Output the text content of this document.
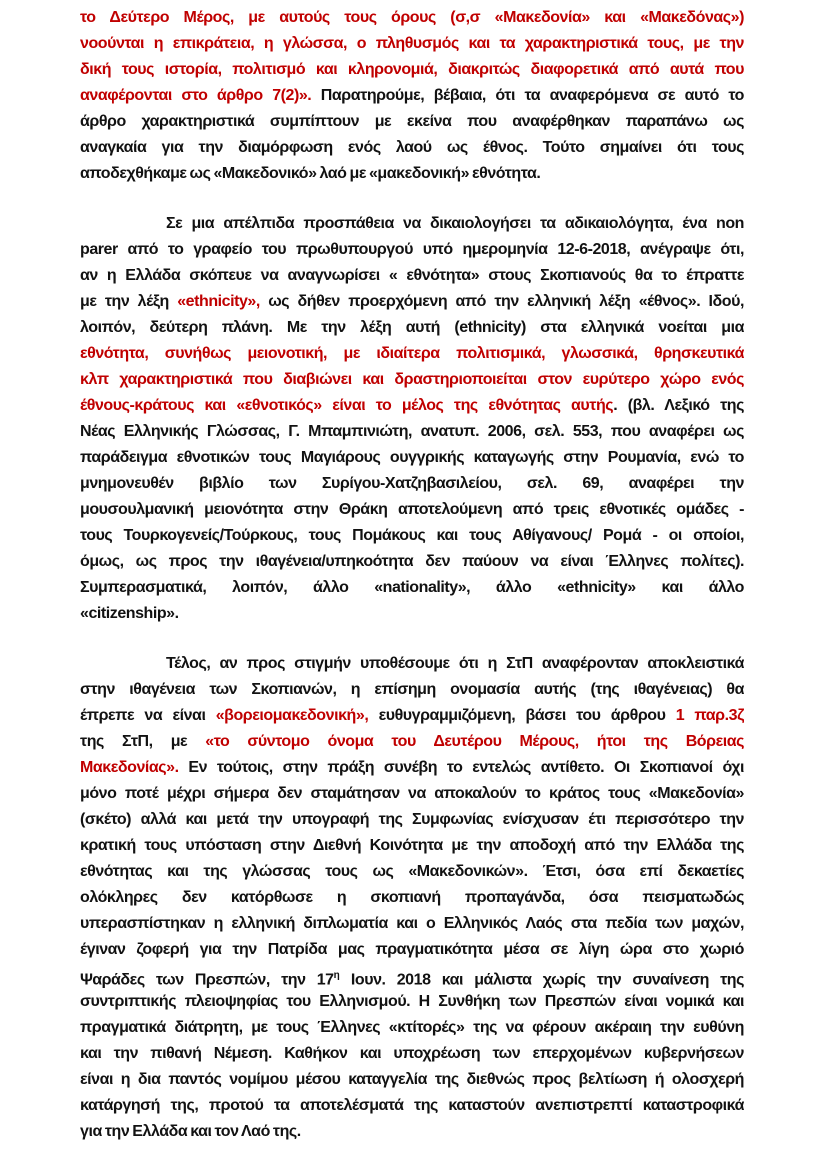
το Δεύτερο Μέρος, με αυτούς τους όρους (σ,σ «Μακεδονία» και «Μακεδόνας»)
νοούνται η επικράτεια, η γλώσσα, ο πληθυσμός και τα χαρακτηριστικά τους, με την
δική τους ιστορία, πολιτισμό και κληρονομιά, διακριτώς διαφορετικά από αυτά που
αναφέρονται στο άρθρο 7(2)». Παρατηρούμε, βέβαια, ότι τα αναφερόμενα σε αυτό το
άρθρο χαρακτηριστικά συμπίπτουν με εκείνα που αναφέρθηκαν παραπάνω ως
αναγκαία για την διαμόρφωση ενός λαού ως έθνος. Τούτο σημαίνει ότι τους
αποδεχθήκαμε ως «Μακεδονικό» λαό με «μακεδονική» εθνότητα.
Σε μια απέλπιδα προσπάθεια να δικαιολογήσει τα αδικαιολόγητα, ένα non
parer από το γραφείο του πρωθυπουργού υπό ημερομηνία 12-6-2018, ανέγραψε ότι,
αν η Ελλάδα σκόπευε να αναγνωρίσει « εθνότητα» στους Σκοπιανούς θα το έπραττε
με την λέξη «ethnicity», ως δήθεν προερχόμενη από την ελληνική λέξη «έθνος». Ιδού,
λοιπόν, δεύτερη πλάνη. Με την λέξη αυτή (ethnicity) στα ελληνικά νοείται μια
εθνότητα, συνήθως μειονοτική, με ιδιαίτερα πολιτισμικά, γλωσσικά, θρησκευτικά
κλπ χαρακτηριστικά που διαβιώνει και δραστηριοποιείται στον ευρύτερο χώρο ενός
έθνους-κράτους και «εθνοτικός» είναι το μέλος της εθνότητας αυτής. (βλ. Λεξικό της
Νέας Ελληνικής Γλώσσας, Γ. Μπαμπινιώτη, ανατυπ. 2006, σελ. 553, που αναφέρει ως
παράδειγμα εθνοτικών τους Μαγιάρους ουγγρικής καταγωγής στην Ρουμανία, ενώ το
μνημονευθέν βιβλίο των Συρίγου-Χατζηβασιλείου, σελ. 69, αναφέρει την
μουσουλμανική μειονότητα στην Θράκη αποτελούμενη από τρεις εθνοτικές ομάδες -
τους Τουρκογενείς/Τούρκους, τους Πομάκους και τους Αθίγανους/ Ρομά - οι οποίοι,
όμως, ως προς την ιθαγένεια/υπηκοότητα δεν παύουν να είναι Έλληνες πολίτες).
Συμπερασματικά, λοιπόν, άλλο «nationality», άλλο «ethnicity» και άλλο
«citizenship».
Τέλος, αν προς στιγμήν υποθέσουμε ότι η ΣτΠ αναφέρονταν αποκλειστικά
στην ιθαγένεια των Σκοπιανών, η επίσημη ονομασία αυτής (της ιθαγένειας) θα
έπρεπε να είναι «βορειομακεδονική», ευθυγραμμιζόμενη, βάσει του άρθρου 1 παρ.3ζ
της ΣτΠ, με «το σύντομο όνομα του Δευτέρου Μέρους, ήτοι της Βόρειας
Μακεδονίας». Εν τούτοις, στην πράξη συνέβη το εντελώς αντίθετο. Οι Σκοπιανοί όχι
μόνο ποτέ μέχρι σήμερα δεν σταμάτησαν να αποκαλούν το κράτος τους «Μακεδονία»
(σκέτο) αλλά και μετά την υπογραφή της Συμφωνίας ενίσχυσαν έτι περισσότερο την
κρατική τους υπόσταση στην Διεθνή Κοινότητα με την αποδοχή από την Ελλάδα της
εθνότητας και της γλώσσας τους ως «Μακεδονικών». Έτσι, όσα επί δεκαετίες
ολόκληρες δεν κατόρθωσε η σκοπιανή προπαγάνδα, όσα πεισματωδώς
υπερασπίστηκαν η ελληνική διπλωματία και ο Ελληνικός Λαός στα πεδία των μαχών,
έγιναν ζοφερή για την Πατρίδα μας πραγματικότητα μέσα σε λίγη ώρα στο χωριό
Ψαράδες των Πρεσπών, την $17^\eta$ Ιουν. 2018 και μάλιστα χωρίς την συναίνεση της
συντριπτικής πλειοψηφίας του Ελληνισμού. Η Συνθήκη των Πρεσπών είναι νομικά και
πραγματικά διάτρητη, με τους Έλληνες «κτίτορές» της να φέρουν ακέραιη την ευθύνη
και την πιθανή Νέμεση. Καθήκον και υποχρέωση των επερχομένων κυβερνήσεων
είναι η δια παντός νομίμου μέσου καταγγελία της διεθνώς προς βελτίωση ή ολοσχερή
κατάργησή της, προτού τα αποτελέσματά της καταστούν ανεπιστρεπτί καταστροφικά
για την Ελλάδα και τον Λαό της.
